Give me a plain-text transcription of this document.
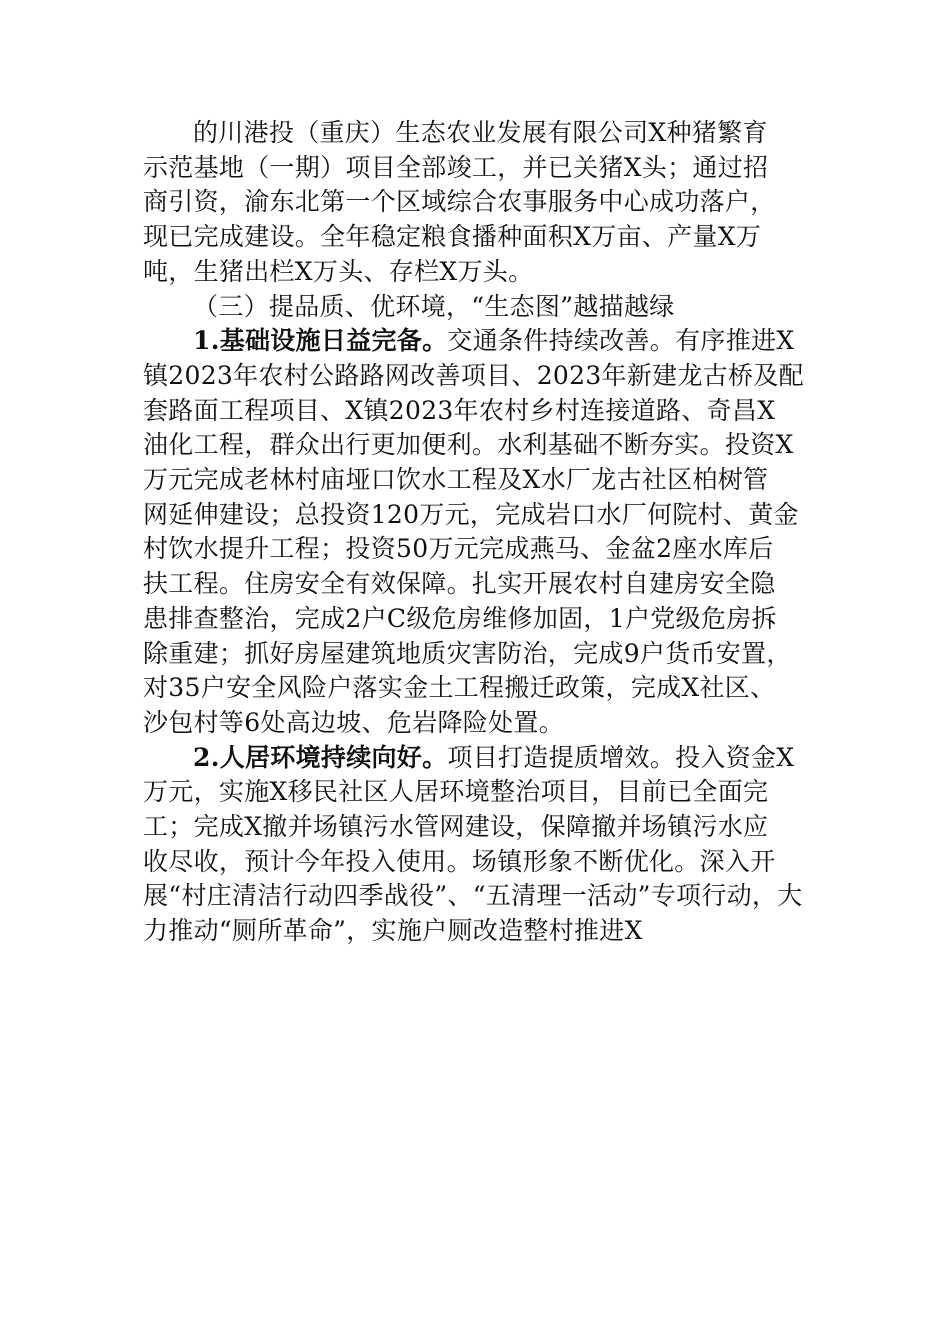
的川港投（重庆）生态农业发展有限公司X种猪繁育

示范基地（一期）项目全部竣工，并已关猪X头；通过招

商引资，渝东北第一个区域综合农事服务中心成功落户，

现已完成建设。全年稳定粮食播种面积X万亩、产量X万

吨，生猪出栏X万头、存栏X万头。

（三）提品质、优环境，“生态图”越描越绿

1.基础设施日益完备。交通条件持续改善。有序推进X

镇2023年农村公路路网改善项目、2023年新建龙古桥及配

套路面工程项目、X镇2023年农村乡村连接道路、奇昌X

油化工程，群众出行更加便利。水利基础不断夯实。投资X

万元完成老林村庙垭口饮水工程及X水厂龙古社区柏树管

网延伸建设；总投资120万元，完成岩口水厂何院村、黄金

村饮水提升工程；投资50万元完成燕马、金盆2座水库后

扶工程。住房安全有效保障。扎实开展农村自建房安全隐

患排查整治，完成2户C级危房维修加固，1户党级危房拆

除重建；抓好房屋建筑地质灾害防治，完成9户货币安置，

对35户安全风险户落实金土工程搬迁政策，完成X社区、

沙包村等6处高边坡、危岩降险处置。

2.人居环境持续向好。项目打造提质增效。投入资金X

万元，实施X移民社区人居环境整治项目，目前已全面完

工；完成X撤并场镇污水管网建设，保障撤并场镇污水应

收尽收，预计今年投入使用。场镇形象不断优化。深入开

展“村庄清洁行动四季战役”、“五清理一活动”专项行动，大

力推动“厕所革命”，实施户厕改造整村推进X
